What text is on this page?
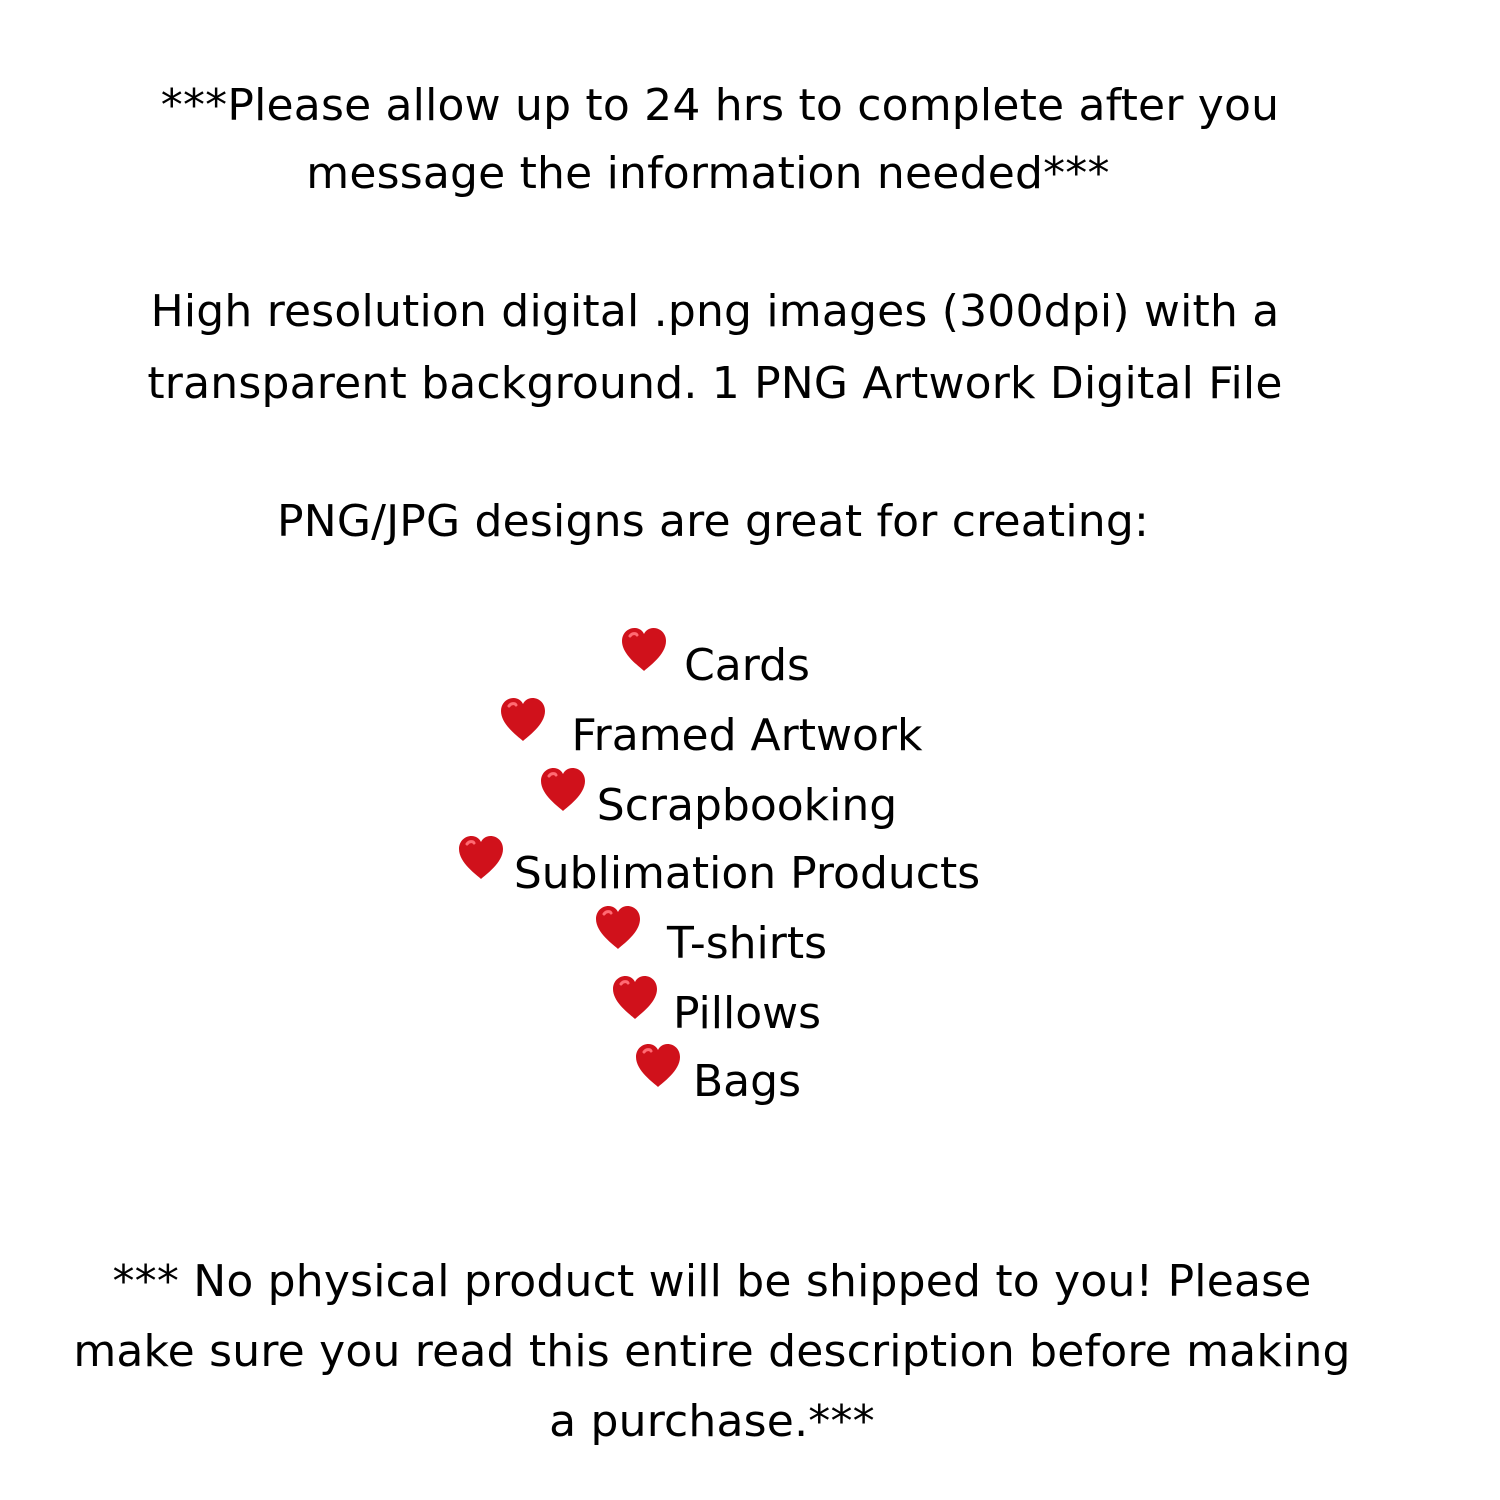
***Please allow up to 24 hrs to complete after you
message the information needed***
High resolution digital .png images (300dpi) with a
transparent background. 1 PNG Artwork Digital File
PNG/JPG designs are great for creating:
Cards
Framed Artwork
Scrapbooking
Sublimation Products
T-shirts
Pillows
Bags
*** No physical product will be shipped to you! Please
make sure you read this entire description before making
a purchase.***
